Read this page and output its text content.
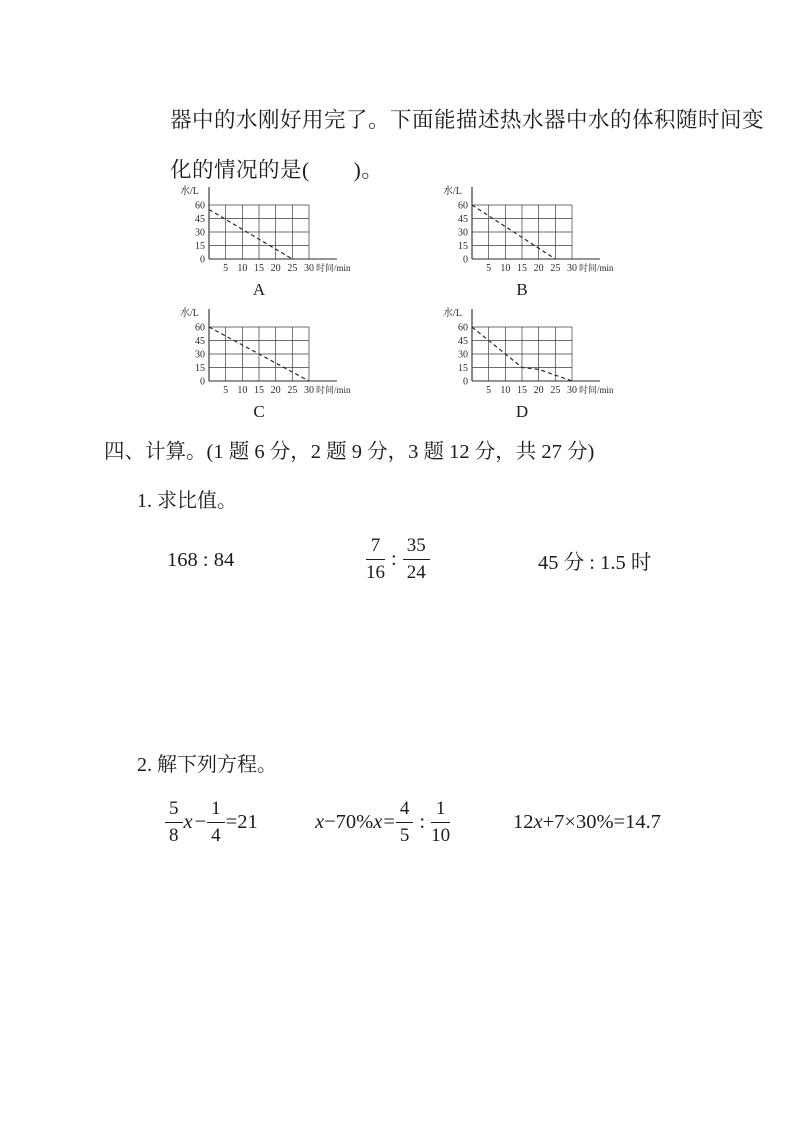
器中的水刚好用完了。下面能描述热水器中水的体积随时间变
化的情况的是(　　)。
0
15
30
45
60
5 10 15 20 25 30
水/L
时间/min
A
0
15
30
45
60
5 10 15 20 25 30
水/L
时间/min
B
0
15
30
45
60
5 10 15 20 25 30
水/L
时间/min
C
0
15
30
45
60
5 10 15 20 25 30
水/L
时间/min
D
四、计算。(1 题 6 分，2 题 9 分，3 题 12 分，共 27 分)
1. 求比值。
168 : 84	$\frac{7}{16}$ : $\frac{35}{24}$	45 分 : 1.5 时
2. 解下列方程。
$\frac{5}{8}$ $x - \frac{1}{4} =21$	x −70% $x = \frac{4}{5}$ : $\frac{1}{10}$	12 x +7×30%=14.7
